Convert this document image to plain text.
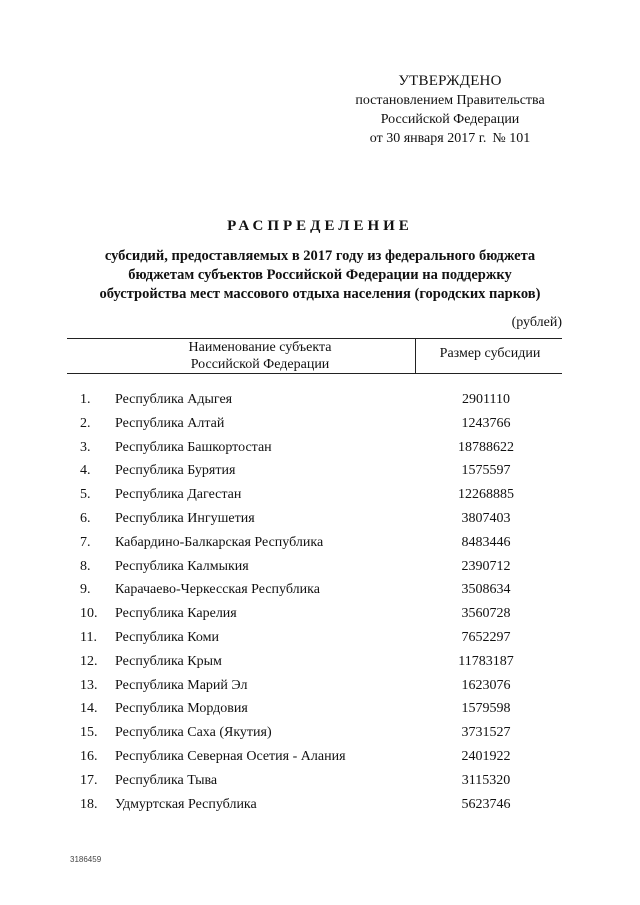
УТВЕРЖДЕНО
постановлением Правительства
Российской Федерации
от 30 января 2017 г. № 101
РАСПРЕДЕЛЕНИЕ
субсидий, предоставляемых в 2017 году из федерального бюджета
бюджетам субъектов Российской Федерации на поддержку
обустройства мест массового отдыха населения (городских парков)
(рублей)
Наименование субъекта
Российской Федерации
Размер субсидии
1.	Республика Адыгея	2901110
2.	Республика Алтай	1243766
3.	Республика Башкортостан	18788622
4.	Республика Бурятия	1575597
5.	Республика Дагестан	12268885
6.	Республика Ингушетия	3807403
7.	Кабардино-Балкарская Республика	8483446
8.	Республика Калмыкия	2390712
9.	Карачаево-Черкесская Республика	3508634
10.	Республика Карелия	3560728
11.	Республика Коми	7652297
12.	Республика Крым	11783187
13.	Республика Марий Эл	1623076
14.	Республика Мордовия	1579598
15.	Республика Саха (Якутия)	3731527
16.	Республика Северная Осетия - Алания	2401922
17.	Республика Тыва	3115320
18.	Удмуртская Республика	5623746
3186459
